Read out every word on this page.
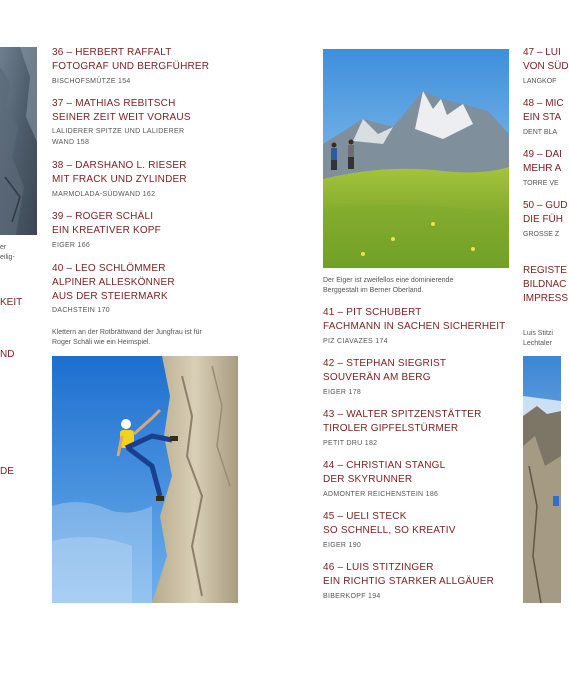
er
eilig-
KEIT
ND
DE
36 – HERBERT RAFFALT
FOTOGRAF UND BERGFÜHRER
BISCHOFSMÜTZE 154
37 – MATHIAS REBITSCH
SEINER ZEIT WEIT VORAUS
LALIDERER SPITZE UND LALIDERER
WAND 158
38 – DARSHANO L. RIESER
MIT FRACK UND ZYLINDER
MARMOLADA-SÜDWAND 162
39 – ROGER SCHÄLI
EIN KREATIVER KOPF
EIGER 166
40 – LEO SCHLÖMMER
ALPINER ALLESKÖNNER
AUS DER STEIERMARK
DACHSTEIN 170
Klettern an der Rotbrättwand der Jungfrau ist für
Roger Schäli wie ein Heimspiel.
Der Eiger ist zweifellos eine dominierende
Berggestalt im Berner Oberland.
41 – PIT SCHUBERT
FACHMANN IN SACHEN SICHERHEIT
PIZ CIAVAZES 174
42 – STEPHAN SIEGRIST
SOUVERÄN AM BERG
EIGER 178
43 – WALTER SPITZENSTÄTTER
TIROLER GIPFELSTÜRMER
PETIT DRU 182
44 – CHRISTIAN STANGL
DER SKYRUNNER
ADMONTER REICHENSTEIN 186
45 – UELI STECK
SO SCHNELL, SO KREATIV
EIGER 190
46 – LUIS STITZINGER
EIN RICHTIG STARKER ALLGÄUER
BIBERKOPF 194
47 – LUI
VON SÜD
LANGKOF
48 – MIC
EIN STA
DENT BLA
49 – DAI
MEHR A
TORRE VE
50 – GUD
DIE FÜH
GROSSE Z
REGISTE
BILDNAC
IMPRESS
Luis Stitzi
Lechtaler
